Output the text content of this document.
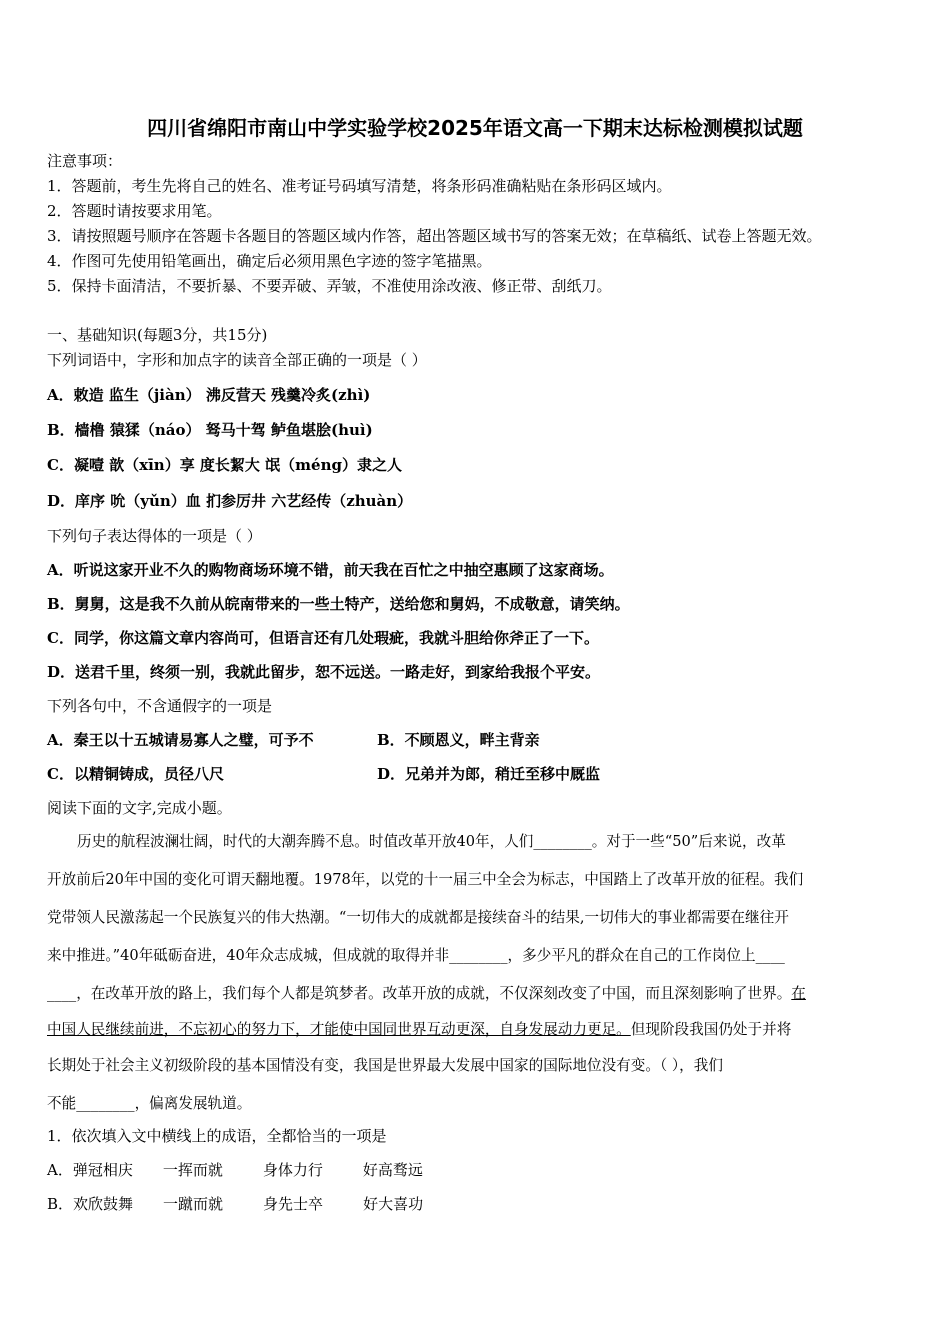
四川省绵阳市南山中学实验学校2025年语文高一下期末达标检测模拟试题
注意事项：
1．答题前，考生先将自己的姓名、准考证号码填写清楚，将条形码准确粘贴在条形码区域内。
2．答题时请按要求用笔。
3．请按照题号顺序在答题卡各题目的答题区域内作答，超出答题区域书写的答案无效；在草稿纸、试卷上答题无效。
4．作图可先使用铅笔画出，确定后必须用黑色字迹的签字笔描黑。
5．保持卡面清洁，不要折暴、不要弄破、弄皱，不准使用涂改液、修正带、刮纸刀。
一、基础知识(每题3分，共15分)
下列词语中，字形和加点字的读音全部正确的一项是（ ）
A．敕造 监生（jiàn） 沸反营天 残羹冷炙(zhì)
B．樯橹 猿猱（náo） 驽马十驾 鲈鱼堪脍(huì)
C．凝噎 歆（xīn）享 度长絜大 氓（méng）隶之人
D．庠序 吮（yǔn）血 扪参厉井 六艺经传（zhuàn）
下列句子表达得体的一项是（ ）
A．听说这家开业不久的购物商场环境不错，前天我在百忙之中抽空惠顾了这家商场。
B．舅舅，这是我不久前从皖南带来的一些土特产，送给您和舅妈，不成敬意，请笑纳。
C．同学，你这篇文章内容尚可，但语言还有几处瑕疵，我就斗胆给你斧正了一下。
D．送君千里，终须一别，我就此留步，恕不远送。一路走好，到家给我报个平安。
下列各句中，不含通假字的一项是
A．秦王以十五城请易寡人之璧，可予不	B．不顾恩义，畔主背亲
C．以精铜铸成，员径八尺	D．兄弟并为郎，稍迁至移中厩监
阅读下面的文字,完成小题。
历史的航程波澜壮阔，时代的大潮奔腾不息。时值改革开放40年，人们________。对于一些“50”后来说，改革
开放前后20年中国的变化可谓天翻地覆。1978年，以党的十一届三中全会为标志，中国踏上了改革开放的征程。我们
党带领人民激荡起一个民族复兴的伟大热潮。“一切伟大的成就都是接续奋斗的结果,一切伟大的事业都需要在继往开
来中推进。”40年砥砺奋进，40年众志成城，但成就的取得并非________，多少平凡的群众在自己的工作岗位上____
____，在改革开放的路上，我们每个人都是筑梦者。改革开放的成就，不仅深刻改变了中国，而且深刻影响了世界。在
中国人民继续前进，不忘初心的努力下，才能使中国同世界互动更深，自身发展动力更足。但现阶段我国仍处于并将
长期处于社会主义初级阶段的基本国情没有变，我国是世界最大发展中国家的国际地位没有变。（ ），我们
不能________，偏离发展轨道。
1．依次填入文中横线上的成语，全都恰当的一项是
A．弹冠相庆 一挥而就	身体力行	好高骛远
B．欢欣鼓舞 一蹴而就	身先士卒	好大喜功
